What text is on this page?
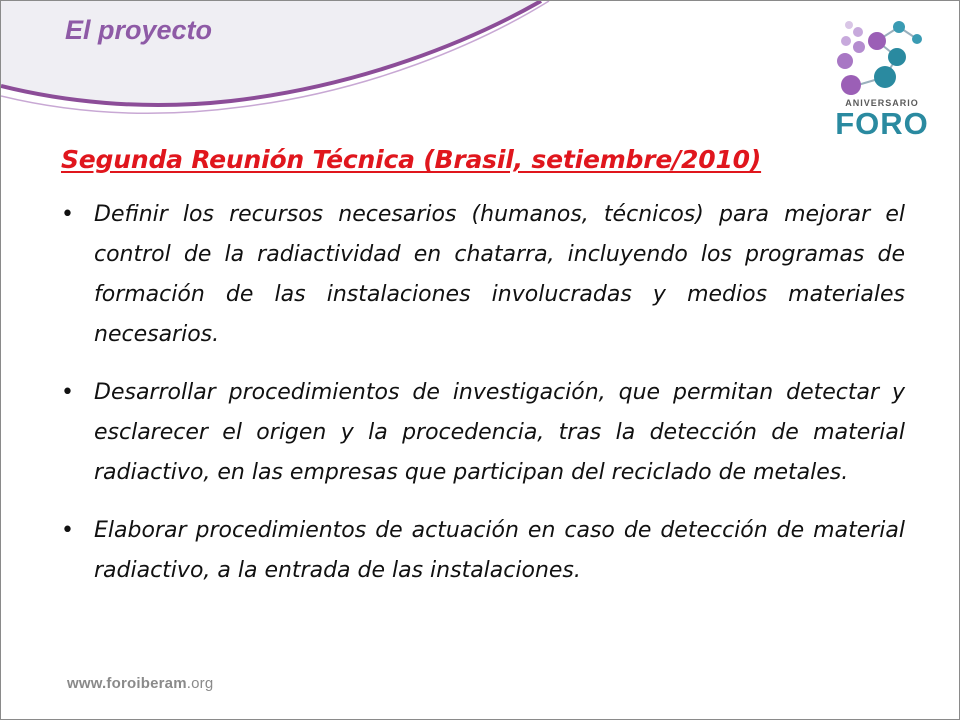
El proyecto
ANIVERSARIO
FORO
Segunda Reunión Técnica (Brasil, setiembre/2010)
• Definir los recursos necesarios (humanos, técnicos) para mejorar el control de la radiactividad en chatarra, incluyendo los programas de formación de las instalaciones involucradas y medios materiales necesarios.
• Desarrollar procedimientos de investigación, que permitan detectar y esclarecer el origen y la procedencia, tras la detección de material radiactivo, en las empresas que participan del reciclado de metales.
• Elaborar procedimientos de actuación en caso de detección de material radiactivo, a la entrada de las instalaciones.
www.foroiberam.org
